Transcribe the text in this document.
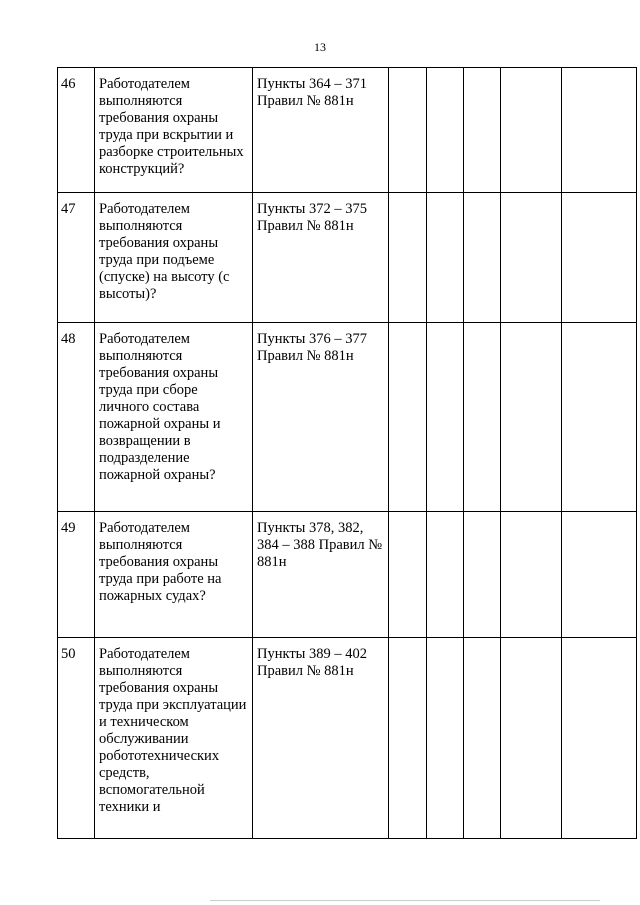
13
46	Работодателем выполняются требования охраны труда при вскрытии и разборке строительных конструкций?	Пункты 364 – 371 Правил № 881н					
47	Работодателем выполняются требования охраны труда при подъеме (спуске) на высоту (с высоты)?	Пункты 372 – 375 Правил № 881н					
48	Работодателем выполняются требования охраны труда при сборе личного состава пожарной охраны и возвращении в подразделение пожарной охраны?	Пункты 376 – 377 Правил № 881н					
49	Работодателем выполняются требования охраны труда при работе на пожарных судах?	Пункты 378, 382, 384 – 388 Правил № 881н					
50	Работодателем выполняются требования охраны труда при эксплуатации и техническом обслуживании робототехнических средств, вспомогательной техники и	Пункты 389 – 402 Правил № 881н					
